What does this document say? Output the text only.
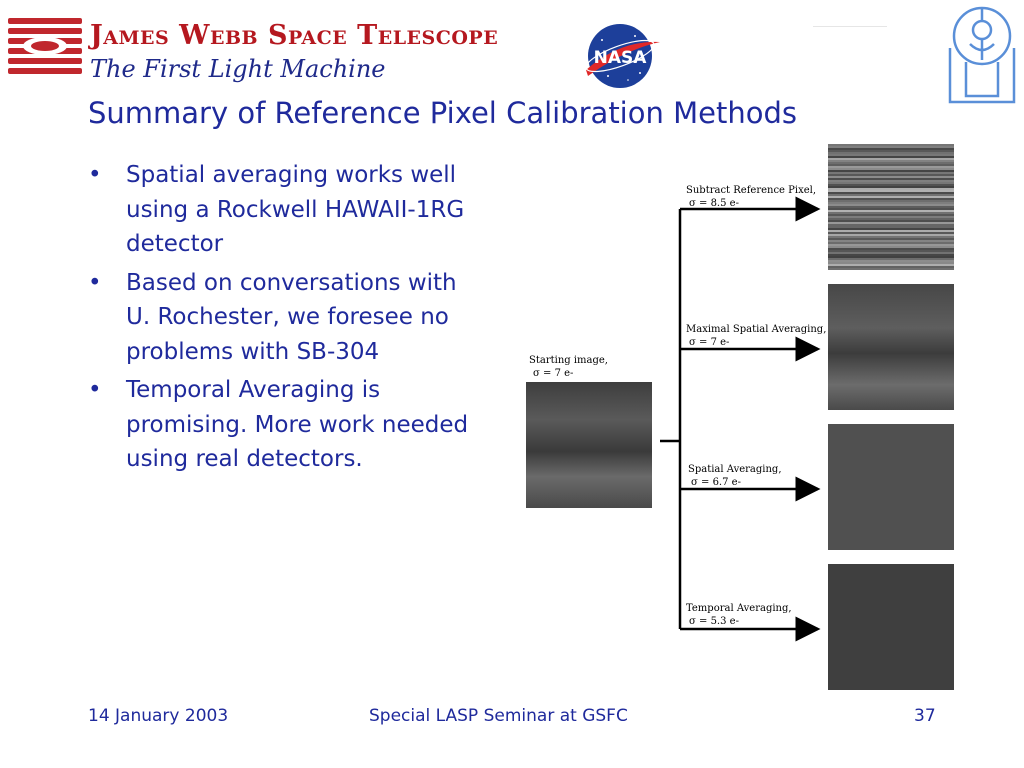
James Webb Space Telescope
The First Light Machine	NASA
Summary of Reference Pixel Calibration Methods
• Spatial averaging works well using a Rockwell HAWAII-1RG detector
• Based on conversations with U. Rochester, we foresee no problems with SB-304
• Temporal Averaging is promising. More work needed using real detectors.
Starting image,
σ = 7 e-
Subtract Reference Pixel,
σ = 8.5 e-
Maximal Spatial Averaging,
σ = 7 e-
Spatial Averaging,
σ = 6.7 e-
Temporal Averaging,
σ = 5.3 e-
14 January 2003	Special LASP Seminar at GSFC	37
